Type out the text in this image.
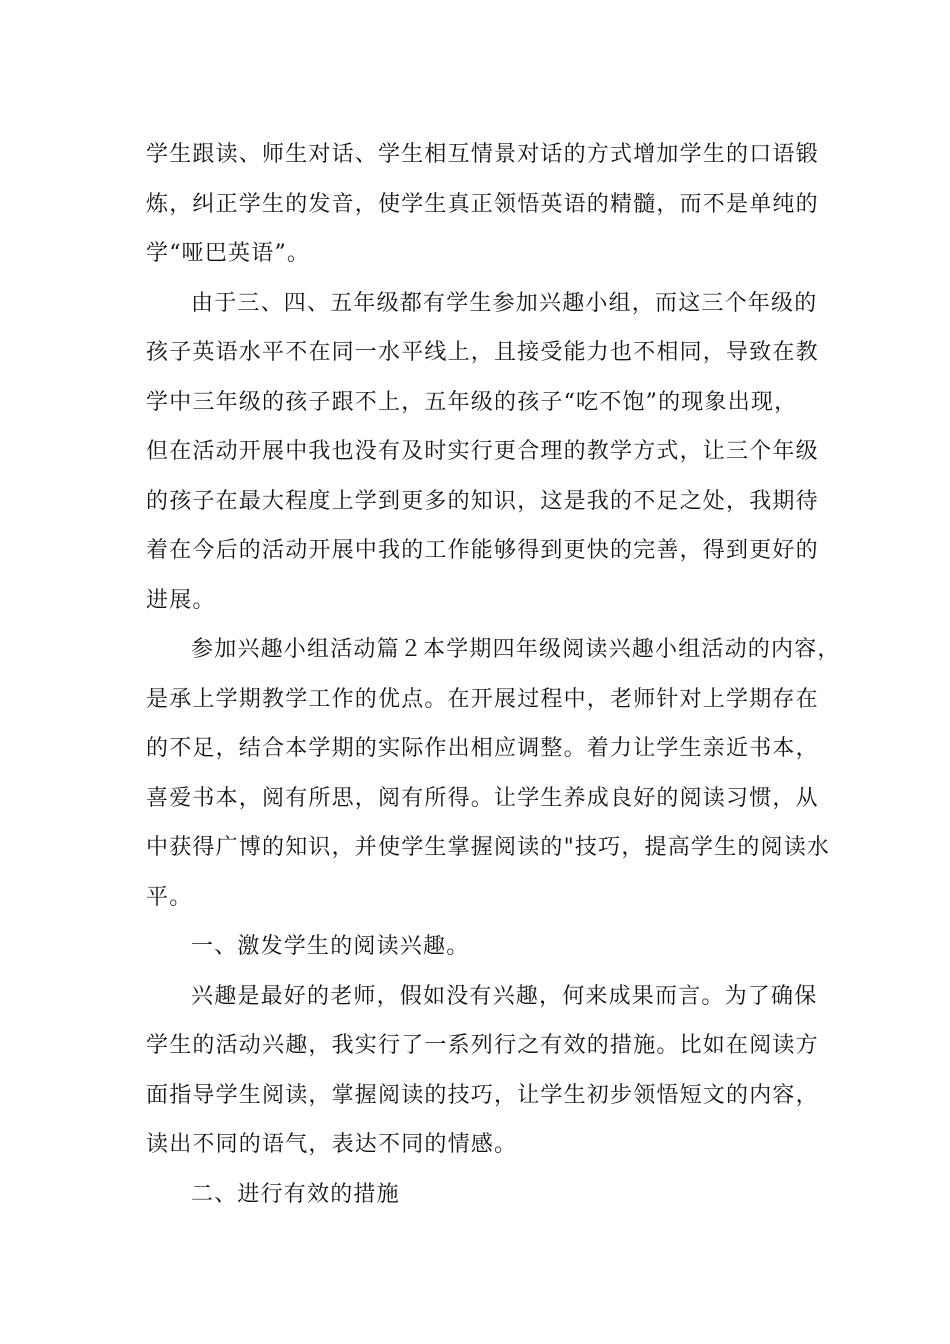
学生跟读、师生对话、学生相互情景对话的方式增加学生的口语锻
炼，纠正学生的发音，使学生真正领悟英语的精髓，而不是单纯的
学“哑巴英语”。
由于三、四、五年级都有学生参加兴趣小组，而这三个年级的
孩子英语水平不在同一水平线上，且接受能力也不相同，导致在教
学中三年级的孩子跟不上，五年级的孩子“吃不饱”的现象出现，
但在活动开展中我也没有及时实行更合理的教学方式，让三个年级
的孩子在最大程度上学到更多的知识，这是我的不足之处，我期待
着在今后的活动开展中我的工作能够得到更快的完善，得到更好的
进展。
参加兴趣小组活动篇２本学期四年级阅读兴趣小组活动的内容，
是承上学期教学工作的优点。在开展过程中，老师针对上学期存在
的不足，结合本学期的实际作出相应调整。着力让学生亲近书本，
喜爱书本，阅有所思，阅有所得。让学生养成良好的阅读习惯，从
中获得广博的知识，并使学生掌握阅读的"技巧，提高学生的阅读水
平。
一、激发学生的阅读兴趣。
兴趣是最好的老师，假如没有兴趣，何来成果而言。为了确保
学生的活动兴趣，我实行了一系列行之有效的措施。比如在阅读方
面指导学生阅读，掌握阅读的技巧，让学生初步领悟短文的内容，
读出不同的语气，表达不同的情感。
二、进行有效的措施
